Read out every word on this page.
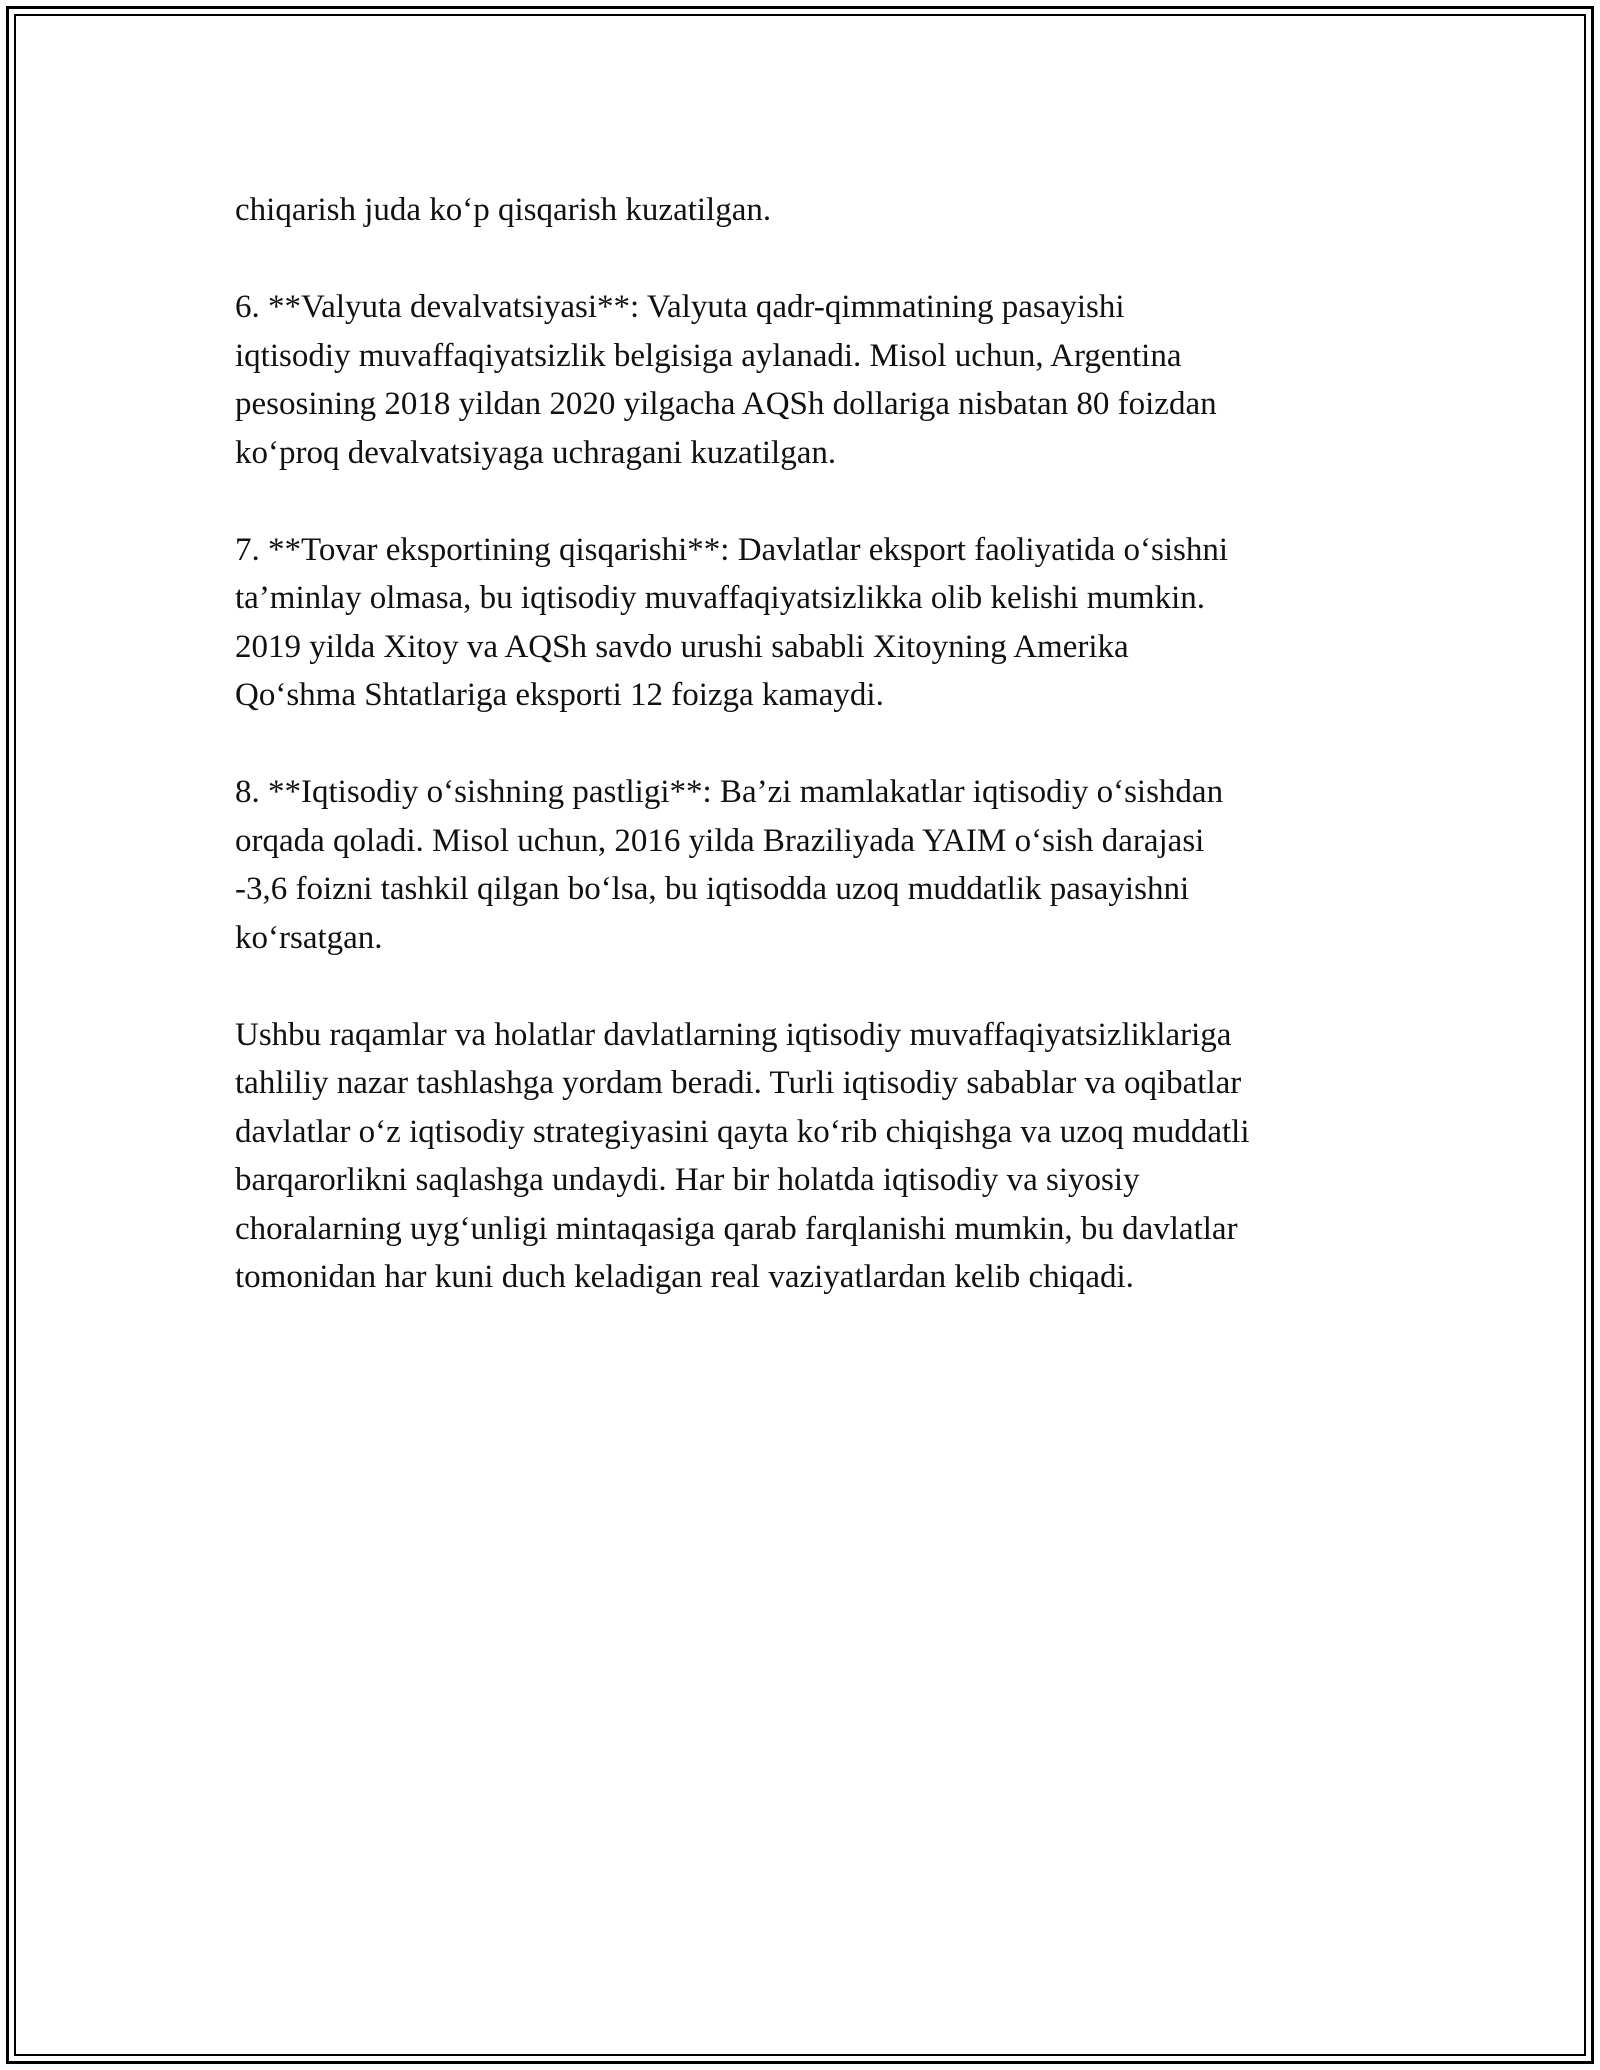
chiqarish juda ko‘p qisqarish kuzatilgan.

6. **Valyuta devalvatsiyasi**: Valyuta qadr-qimmatining pasayishi
iqtisodiy muvaffaqiyatsizlik belgisiga aylanadi. Misol uchun, Argentina
pesosining 2018 yildan 2020 yilgacha AQSh dollariga nisbatan 80 foizdan
ko‘proq devalvatsiyaga uchragani kuzatilgan.

7. **Tovar eksportining qisqarishi**: Davlatlar eksport faoliyatida o‘sishni
ta’minlay olmasa, bu iqtisodiy muvaffaqiyatsizlikka olib kelishi mumkin.
2019 yilda Xitoy va AQSh savdo urushi sababli Xitoyning Amerika
Qo‘shma Shtatlariga eksporti 12 foizga kamaydi.

8. **Iqtisodiy o‘sishning pastligi**: Ba’zi mamlakatlar iqtisodiy o‘sishdan
orqada qoladi. Misol uchun, 2016 yilda Braziliyada YAIM o‘sish darajasi
-3,6 foizni tashkil qilgan bo‘lsa, bu iqtisodda uzoq muddatlik pasayishni
ko‘rsatgan.

Ushbu raqamlar va holatlar davlatlarning iqtisodiy muvaffaqiyatsizliklariga
tahliliy nazar tashlashga yordam beradi. Turli iqtisodiy sabablar va oqibatlar
davlatlar o‘z iqtisodiy strategiyasini qayta ko‘rib chiqishga va uzoq muddatli
barqarorlikni saqlashga undaydi. Har bir holatda iqtisodiy va siyosiy
choralarning uyg‘unligi mintaqasiga qarab farqlanishi mumkin, bu davlatlar
tomonidan har kuni duch keladigan real vaziyatlardan kelib chiqadi.
